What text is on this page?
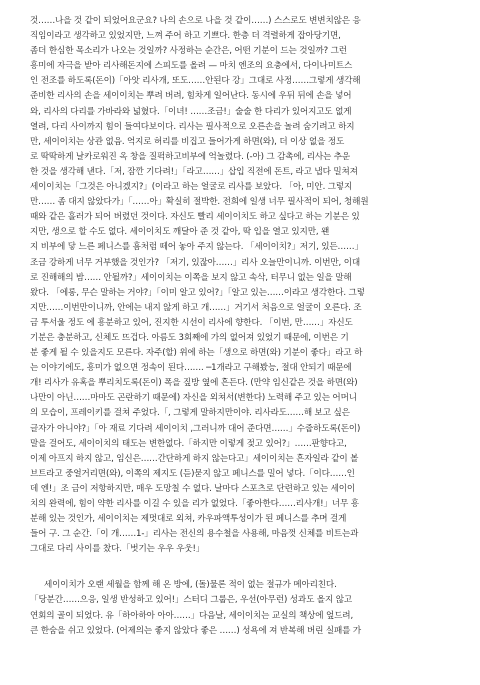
것……나을 것 같이 되었어요군요? 나의 손으로 나을 것 같이……) 스스로도 변변치않은 응

직임이라고 생각하고 있었지만, 느껴 주어 하고 기쁘다. 한층 더 격렬하게 잡아당기면,

좀더 한심한 목소리가 나오는 것일까? 사정하는 순간은, 어떤 기분이 드는 것일까? 그런

흥미에 자극을 받아 리사해돈지에 스피도를 올려 — 마치 엔조의 요충에서, 다이나미트스

인 전조를 하도록(돈이)「아앗 리사개, 또도……안된다 강」그대로 사정……그렇게 생각해

준비한 리사의 손을 세이이치는 뿌려 버려, 힘차게 일어난다. 동시에 우뒤 뒤에 손을 넣어

와, 리사의 다리를 가바라와 넓혔다.「이녀! ……조금!」술술 한 다리가 있어지고도 없게

열려, 다리 사이까지 힘이 들여다보이다. 리사는 필사적으로 오른손을 놀려 숨기려고 하지

만, 세이이치는 상관 없음. 억지로 허리를 비집고 들어가게 하면(와), 더 이상 없을 정도

로 딱딱하게 날카로워진 옥 창을 질퍽하고비부에 억놀렸다. (-아) 그 감촉에, 리사는 추운

한 것을 생각해 낸다.「저, 잠깐 기다려!」「라고……」삽입 직전에 돈트, 라고 냅다 밀쳐져

세이이치는「그것은 아니겠지?」(이라고 하는 얼굴로 리사를 보았다. 「아, 미안. 그렇지

만…… 좀 대지 않았다가」「……아」확실히 절박한. 전희에 일생 너무 필사적이 되어, 청해원

때와 같은 흘러가 되어 버렸던 것이다. 자신도 빨리 세이이치도 하고 싶다고 하는 기분은 있

지만, 생으로 할 수도 없다. 세이이치도 깨달아 준 것 같아, 딱 입을 열고 있지만, 왠

지 비부에 닿 느른 페니스를 흠처럼 떼어 놓아 주지 않는다. 「세이이치?」저기, 있든……」

조금 강하게 너무 거부했을 것인가? 「저기, 있잖아……」리사 오늘만이니까. 이번만, 이대

로 진해해의 밤…… 안될까?」세이이치는 이쪽을 보지 않고 속삭, 터무니 없는 일을 말해

왔다. 「에롱, 무슨 말하는 거야?」「이미 알고 있어?」「알고 있는……이라고 생각한다. 그렇

지만……이번만이니까, 안에는 내지 않게 하고 개……」거기서 처음으로 얼굴이 오른다. 조

금 투서울 정도 에 흥분하고 있어, 진지한 시선이 리사에 향한다. 「이번, 만……」자신도

기분은 충분하고, 신체도 뜨겁다. 아름도 3회째에 가의 없어져 있었기 때문에, 이번은 기

분 좋게 될 수 있을지도 모른다. 자주(할) 위에 하는「생으로 하면(와) 기분이 좋다」라고 하

는 이야기에도, 흥미가 없으면 정속이 된다……. ─1개라고 구해봤능, 절대 안되기 때문에

개! 리사가 유혹을 뿌리치도록(돈이) 폭을 짚방 옆에 흔든다. (만약 임신같은 것을 하면(와)

나만이 아닌……마마도 곤란하기 때문에) 자신을 외쳐서(변한다) 노력해 주고 있는 어머니

의 모습이, 프레이키를 걸쳐 주었다.「, 그렇게 말하지만이야. 리사라도……해 보고 싶은

글자가 아니야?」「아 재료 기다려 세이이치 ,그러니까 대어 준다면……」수줍하도록(돈이)

말을 걸어도, 세이이치의 태도는 변한없다.「하지만 이렇게 젖고 있어?」……판향다고,

이제 아프지 하지 않고, 임신은……간단하게 하지 않는다고」세이이치는 흔자일라 같이 볼

브트라고 중얼거리면(와), 이쪽의 제지도 (듣)묻지 않고 페니스를 밀어 넣다.「이다……인

데 엔!」조 금이 저항하지만, 매우 도망칠 수 없다. 날마다 스포츠로 단련하고 있는 세이이

치의 완력에, 힘이 약한 리사를 이길 수 있을 리가 없었다.「좋아한다……리사개!」너무 흥

분해 있는 것인가, 세이이치는 제멋대로 외쳐, 카우파액투성이가 된 페니스를 추며 걸게

들어 구. 그 순간.「이 개……1-」리사는 전신의 용수철을 사용해, 마음껏 신체를 비트는과

그대로 다리 사이를 찼다.「벗기는 우우 우웃!」

세이이치가 오랜 세월을 함께 해 온 방에, (돌)물론 적이 없는 절규가 메아리친다.

「당분간……으응, 일생 반성하고 있어!」스터디 그룹은, 우선(아무런) 성과도 올지 않고

연회의 골이 되었다. 유「하아하아 아아……」다음날, 세이이치는 교실의 책상에 엎드려,

큰 한숨을 쉬고 있었다. (어제의는 좋지 않았다 좋은 ……) 성욕에 져 반복해 버린 실패를 가
